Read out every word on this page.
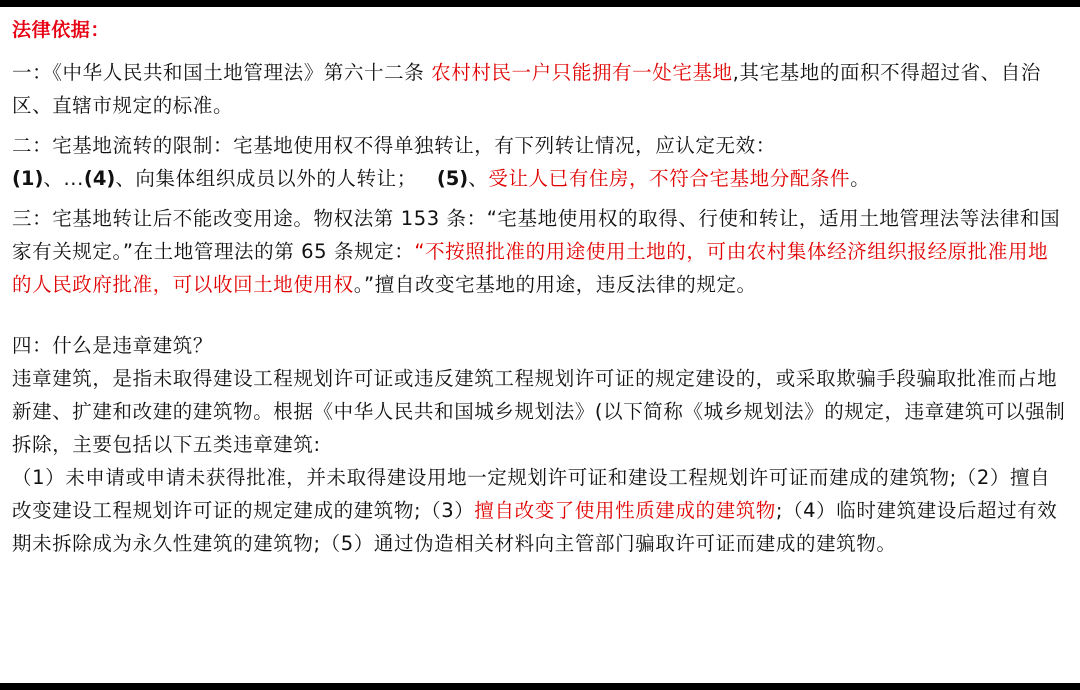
法律依据：

一：《中华人民共和国土地管理法》第六十二条 农村村民一户只能拥有一处宅基地,其宅基地的面积不得超过省、自治区、直辖市规定的标准。

二：宅基地流转的限制：宅基地使用权不得单独转让，有下列转让情况，应认定无效：
(1)、...(4)、向集体组织成员以外的人转让； (5)、受让人已有住房，不符合宅基地分配条件。

三：宅基地转让后不能改变用途。物权法第 153 条：“宅基地使用权的取得、行使和转让，适用土地管理法等法律和国家有关规定。”在土地管理法的第 65 条规定：“不按照批准的用途使用土地的，可由农村集体经济组织报经原批准用地的人民政府批准，可以收回土地使用权。”擅自改变宅基地的用途，违反法律的规定。

四：什么是违章建筑？
违章建筑，是指未取得建设工程规划许可证或违反建筑工程规划许可证的规定建设的，或采取欺骗手段骗取批准而占地新建、扩建和改建的建筑物。根据《中华人民共和国城乡规划法》(以下简称《城乡规划法》的规定，违章建筑可以强制拆除，主要包括以下五类违章建筑:
（1）未申请或申请未获得批准，并未取得建设用地一定规划许可证和建设工程规划许可证而建成的建筑物;（2）擅自改变建设工程规划许可证的规定建成的建筑物;（3）擅自改变了使用性质建成的建筑物;（4）临时建筑建设后超过有效期未拆除成为永久性建筑的建筑物;（5）通过伪造相关材料向主管部门骗取许可证而建成的建筑物。
